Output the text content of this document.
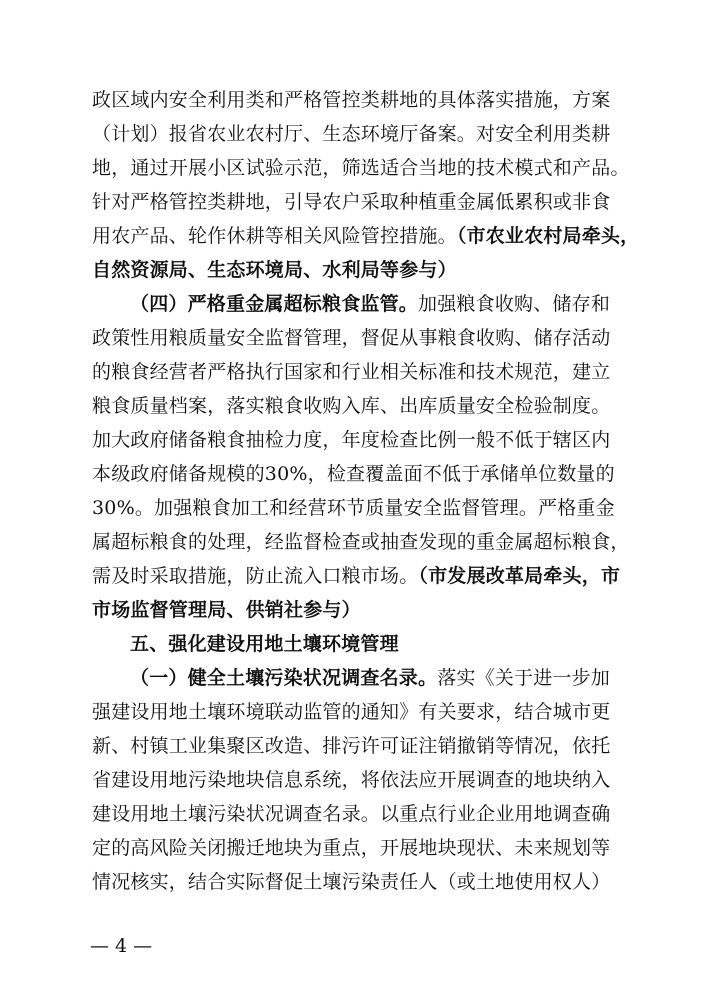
政区域内安全利用类和严格管控类耕地的具体落实措施，方案
（计划）报省农业农村厅、生态环境厅备案。对安全利用类耕
地，通过开展小区试验示范，筛选适合当地的技术模式和产品。
针对严格管控类耕地，引导农户采取种植重金属低累积或非食
用农产品、轮作休耕等相关风险管控措施。（市农业农村局牵头，
自然资源局、生态环境局、水利局等参与）
（四）严格重金属超标粮食监管。加强粮食收购、储存和
政策性用粮质量安全监督管理，督促从事粮食收购、储存活动
的粮食经营者严格执行国家和行业相关标准和技术规范，建立
粮食质量档案，落实粮食收购入库、出库质量安全检验制度。
加大政府储备粮食抽检力度，年度检查比例一般不低于辖区内
本级政府储备规模的30%，检查覆盖面不低于承储单位数量的
30%。加强粮食加工和经营环节质量安全监督管理。严格重金
属超标粮食的处理，经监督检查或抽查发现的重金属超标粮食，
需及时采取措施，防止流入口粮市场。（市发展改革局牵头，市
市场监督管理局、供销社参与）
五、强化建设用地土壤环境管理
（一）健全土壤污染状况调查名录。落实《关于进一步加
强建设用地土壤环境联动监管的通知》有关要求，结合城市更
新、村镇工业集聚区改造、排污许可证注销撤销等情况，依托
省建设用地污染地块信息系统，将依法应开展调查的地块纳入
建设用地土壤污染状况调查名录。以重点行业企业用地调查确
定的高风险关闭搬迁地块为重点，开展地块现状、未来规划等
情况核实，结合实际督促土壤污染责任人（或土地使用权人）
— 4 —
